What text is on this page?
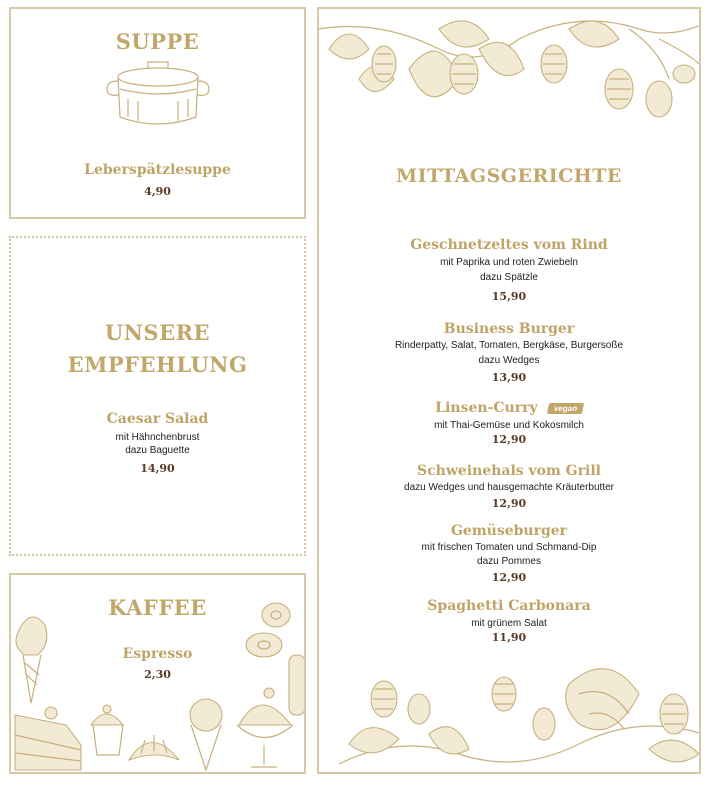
SUPPE
Leberspätzlesuppe
4,90
UNSERE
EMPFEHLUNG
Caesar Salad
mit Hähnchenbrust
dazu Baguette
14,90
KAFFEE
Espresso
2,30
MITTAGSGERICHTE
Geschnetzeltes vom Rind
mit Paprika und roten Zwiebeln
dazu Spätzle
15,90
Business Burger
Rinderpatty, Salat, Tomaten, Bergkäse, Burgersoße
dazu Wedges
13,90
Linsen-Curry vegan
mit Thai-Gemüse und Kokosmilch
12,90
Schweinehals vom Grill
dazu Wedges und hausgemachte Kräuterbutter
12,90
Gemüseburger
mit frischen Tomaten und Schmand-Dip
dazu Pommes
12,90
Spaghetti Carbonara
mit grünem Salat
11,90
